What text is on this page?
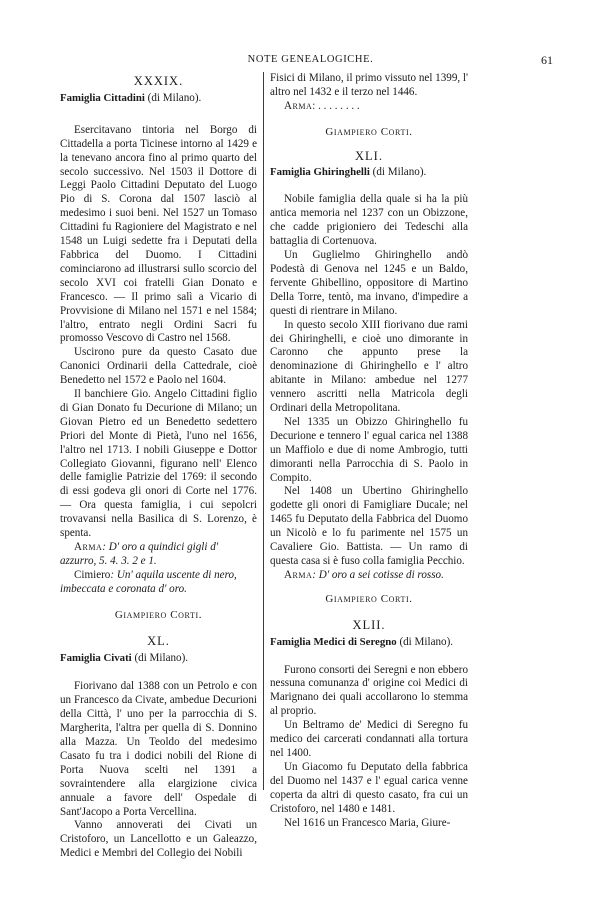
NOTE GENEALOGICHE.	61
XXXIX.
Famiglia Cittadini (di Milano).

Esercitavano tintoria nel Borgo di Cittadella a porta Ticinese intorno al 1429 e la tenevano ancora fino al primo quarto del secolo successivo. Nel 1503 il Dottore di Leggi Paolo Cittadini Deputato del Luogo Pio di S. Corona dal 1507 lasciò al medesimo i suoi beni. Nel 1527 un Tomaso Cittadini fu Ragioniere del Magistrato e nel 1548 un Luigi sedette fra i Deputati della Fabbrica del Duomo. I Cittadini cominciarono ad illustrarsi sullo scorcio del secolo XVI coi fratelli Gian Donato e Francesco. — Il primo salì a Vicario di Provvisione di Milano nel 1571 e nel 1584; l'altro, entrato negli Ordini Sacri fu promosso Vescovo di Castro nel 1568.

Uscirono pure da questo Casato due Canonici Ordinarii della Cattedrale, cioè Benedetto nel 1572 e Paolo nel 1604.

Il banchiere Gio. Angelo Cittadini figlio di Gian Donato fu Decurione di Milano; un Giovan Pietro ed un Benedetto sedettero Priori del Monte di Pietà, l'uno nel 1656, l'altro nel 1713. I nobili Giuseppe e Dottor Collegiato Giovanni, figurano nell' Elenco delle famiglie Patrizie del 1769: il secondo di essi godeva gli onori di Corte nel 1776. — Ora questa famiglia, i cui sepolcri trovavansi nella Basilica di S. Lorenzo, è spenta.

Arma: D' oro a quindici gigli d' azzurro, 5. 4. 3. 2 e 1.

Cimiero: Un' aquila uscente di nero, imbeccata e coronata d' oro.

Giampiero Corti.
XL.
Famiglia Civati (di Milano).

Fiorivano dal 1388 con un Petrolo e con un Francesco da Civate, ambedue Decurioni della Città, l' uno per la parrocchia di S. Margherita, l'altra per quella di S. Donnino alla Mazza. Un Teoldo del medesimo Casato fu tra i dodici nobili del Rione di Porta Nuova scelti nel 1391 a sovraintendere alla elargizione civica annuale a favore dell' Ospedale di Sant'Jacopo a Porta Vercellina.

Vanno annoverati dei Civati un Cristoforo, un Lancellotto e un Galeazzo, Medici e Membri del Collegio dei Nobili

Fisici di Milano, il primo vissuto nel 1399, l' altro nel 1432 e il terzo nel 1446.

Arma: . . . . . . . .

Giampiero Corti.
XLI.
Famiglia Ghiringhelli (di Milano).

Nobile famiglia della quale si ha la più antica memoria nel 1237 con un Obizzone, che cadde prigioniero dei Tedeschi alla battaglia di Cortenuova.

Un Guglielmo Ghiringhello andò Podestà di Genova nel 1245 e un Baldo, fervente Ghibellino, oppositore di Martino Della Torre, tentò, ma invano, d'impedire a questi di rientrare in Milano.

In questo secolo XIII fiorivano due rami dei Ghiringhelli, e cioè uno dimorante in Caronno che appunto prese la denominazione di Ghiringhello e l' altro abitante in Milano: ambedue nel 1277 vennero ascritti nella Matricola degli Ordinari della Metropolitana.

Nel 1335 un Obizzo Ghiringhello fu Decurione e tennero l' egual carica nel 1388 un Maffiolo e due di nome Ambrogio, tutti dimoranti nella Parrocchia di S. Paolo in Compito.

Nel 1408 un Ubertino Ghiringhello godette gli onori di Famigliare Ducale; nel 1465 fu Deputato della Fabbrica del Duomo un Nicolò e lo fu parimente nel 1575 un Cavaliere Gio. Battista. — Un ramo di questa casa si è fuso colla famiglia Pecchio.

Arma: D' oro a sei cotisse di rosso.

Giampiero Corti.
XLII.
Famiglia Medici di Seregno (di Milano).

Furono consorti dei Seregni e non ebbero nessuna comunanza d' origine coi Medici di Marignano dei quali accollarono lo stemma al proprio.

Un Beltramo de' Medici di Seregno fu medico dei carcerati condannati alla tortura nel 1400.

Un Giacomo fu Deputato della fabbrica del Duomo nel 1437 e l' egual carica venne coperta da altri di questo casato, fra cui un Cristoforo, nel 1480 e 1481.

Nel 1616 un Francesco Maria, Giure-
